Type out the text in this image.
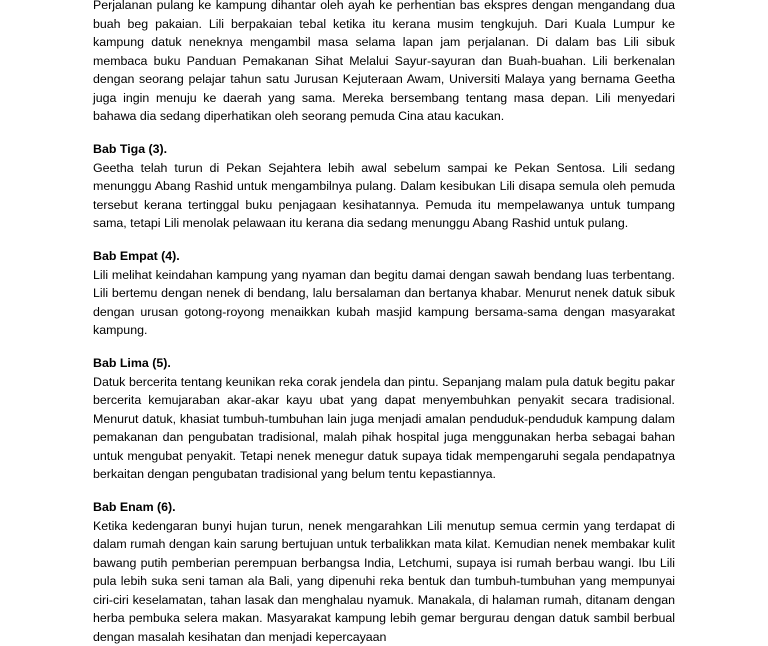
Perjalanan pulang ke kampung dihantar oleh ayah ke perhentian bas ekspres dengan mengandang dua buah beg pakaian. Lili berpakaian tebal ketika itu kerana musim tengkujuh. Dari Kuala Lumpur ke kampung datuk neneknya mengambil masa selama lapan jam perjalanan. Di dalam bas Lili sibuk membaca buku Panduan Pemakanan Sihat Melalui Sayur-sayuran dan Buah-buahan. Lili berkenalan dengan seorang pelajar tahun satu Jurusan Kejuteraan Awam, Universiti Malaya yang bernama Geetha juga ingin menuju ke daerah yang sama. Mereka bersembang tentang masa depan. Lili menyedari bahawa dia sedang diperhatikan oleh seorang pemuda Cina atau kacukan.

Bab Tiga (3).

Geetha telah turun di Pekan Sejahtera lebih awal sebelum sampai ke Pekan Sentosa. Lili sedang menunggu Abang Rashid untuk mengambilnya pulang. Dalam kesibukan Lili disapa semula oleh pemuda tersebut kerana tertinggal buku penjagaan kesihatannya. Pemuda itu mempelawanya untuk tumpang sama, tetapi Lili menolak pelawaan itu kerana dia sedang menunggu Abang Rashid untuk pulang.

Bab Empat (4).

Lili melihat keindahan kampung yang nyaman dan begitu damai dengan sawah bendang luas terbentang. Lili bertemu dengan nenek di bendang, lalu bersalaman dan bertanya khabar. Menurut nenek datuk sibuk dengan urusan gotong-royong menaikkan kubah masjid kampung bersama-sama dengan masyarakat kampung.

Bab Lima (5).

Datuk bercerita tentang keunikan reka corak jendela dan pintu. Sepanjang malam pula datuk begitu pakar bercerita kemujaraban akar-akar kayu ubat yang dapat menyembuhkan penyakit secara tradisional. Menurut datuk, khasiat tumbuh-tumbuhan lain juga menjadi amalan penduduk-penduduk kampung dalam pemakanan dan pengubatan tradisional, malah pihak hospital juga menggunakan herba sebagai bahan untuk mengubat penyakit. Tetapi nenek menegur datuk supaya tidak mempengaruhi segala pendapatnya berkaitan dengan pengubatan tradisional yang belum tentu kepastiannya.

Bab Enam (6).

Ketika kedengaran bunyi hujan turun, nenek mengarahkan Lili menutup semua cermin yang terdapat di dalam rumah dengan kain sarung bertujuan untuk terbalikkan mata kilat. Kemudian nenek membakar kulit bawang putih pemberian perempuan berbangsa India, Letchumi, supaya isi rumah berbau wangi. Ibu Lili pula lebih suka seni taman ala Bali, yang dipenuhi reka bentuk dan tumbuh-tumbuhan yang mempunyai ciri-ciri keselamatan, tahan lasak dan menghalau nyamuk. Manakala, di halaman rumah, ditanam dengan herba pembuka selera makan. Masyarakat kampung lebih gemar bergurau dengan datuk sambil berbual dengan masalah kesihatan dan menjadi kepercayaan
